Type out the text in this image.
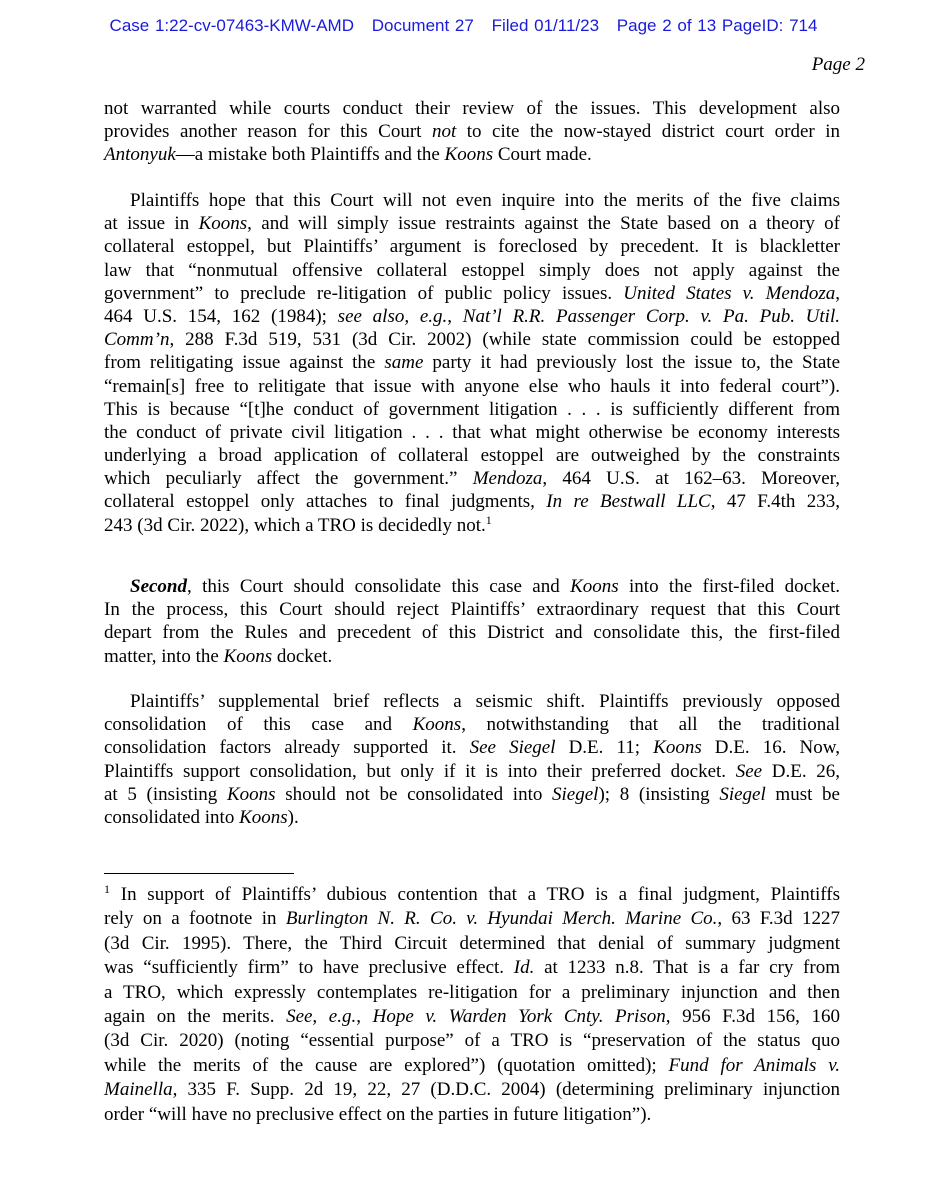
Case 1:22-cv-07463-KMW-AMD Document 27 Filed 01/11/23 Page 2 of 13 PageID: 714
Page 2
not warranted while courts conduct their review of the issues. This development also
provides another reason for this Court not to cite the now-stayed district court order in
Antonyuk—a mistake both Plaintiffs and the Koons Court made.
Plaintiffs hope that this Court will not even inquire into the merits of the five claims
at issue in Koons, and will simply issue restraints against the State based on a theory of
collateral estoppel, but Plaintiffs’ argument is foreclosed by precedent. It is blackletter
law that “nonmutual offensive collateral estoppel simply does not apply against the
government” to preclude re-litigation of public policy issues. United States v. Mendoza,
464 U.S. 154, 162 (1984); see also, e.g., Nat’l R.R. Passenger Corp. v. Pa. Pub. Util.
Comm’n, 288 F.3d 519, 531 (3d Cir. 2002) (while state commission could be estopped
from relitigating issue against the same party it had previously lost the issue to, the State
“remain[s] free to relitigate that issue with anyone else who hauls it into federal court”).
This is because “[t]he conduct of government litigation . . . is sufficiently different from
the conduct of private civil litigation . . . that what might otherwise be economy interests
underlying a broad application of collateral estoppel are outweighed by the constraints
which peculiarly affect the government.” Mendoza, 464 U.S. at 162–63. Moreover,
collateral estoppel only attaches to final judgments, In re Bestwall LLC, 47 F.4th 233,
243 (3d Cir. 2022), which a TRO is decidedly not.$^1$
Second, this Court should consolidate this case and Koons into the first-filed docket.
In the process, this Court should reject Plaintiffs’ extraordinary request that this Court
depart from the Rules and precedent of this District and consolidate this, the first-filed
matter, into the Koons docket.
Plaintiffs’ supplemental brief reflects a seismic shift. Plaintiffs previously opposed
consolidation of this case and Koons, notwithstanding that all the traditional
consolidation factors already supported it. See Siegel D.E. 11; Koons D.E. 16. Now,
Plaintiffs support consolidation, but only if it is into their preferred docket. See D.E. 26,
at 5 (insisting Koons should not be consolidated into Siegel); 8 (insisting Siegel must be
consolidated into Koons).
$^1$ In support of Plaintiffs’ dubious contention that a TRO is a final judgment, Plaintiffs
rely on a footnote in Burlington N. R. Co. v. Hyundai Merch. Marine Co., 63 F.3d 1227
(3d Cir. 1995). There, the Third Circuit determined that denial of summary judgment
was “sufficiently firm” to have preclusive effect. Id. at 1233 n.8. That is a far cry from
a TRO, which expressly contemplates re-litigation for a preliminary injunction and then
again on the merits. See, e.g., Hope v. Warden York Cnty. Prison, 956 F.3d 156, 160
(3d Cir. 2020) (noting “essential purpose” of a TRO is “preservation of the status quo
while the merits of the cause are explored”) (quotation omitted); Fund for Animals v.
Mainella, 335 F. Supp. 2d 19, 22, 27 (D.D.C. 2004) (determining preliminary injunction
order “will have no preclusive effect on the parties in future litigation”).
